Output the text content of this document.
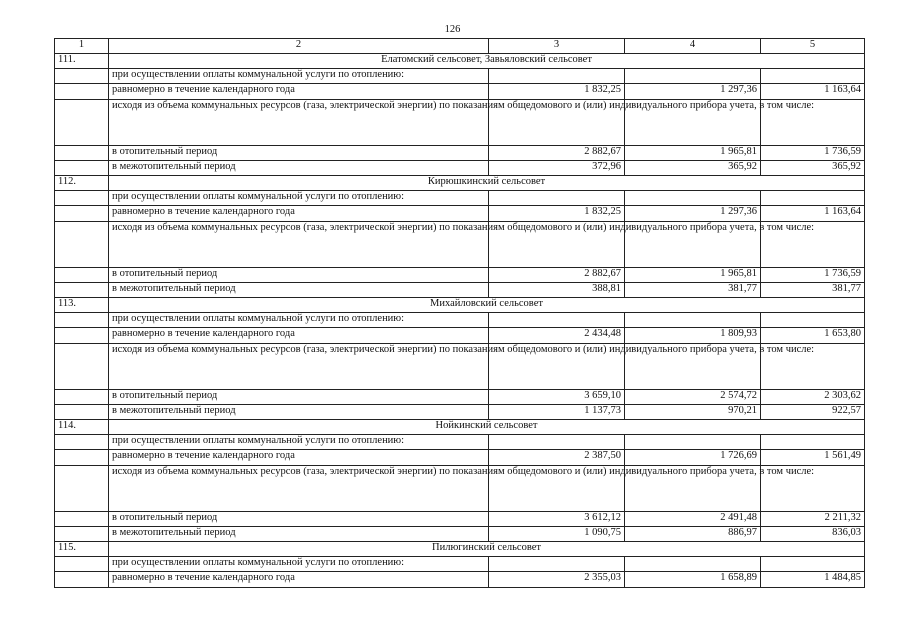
126
1	2	3	4	5
111.	Елатомский сельсовет, Завьяловский сельсовет			
	при осуществлении оплаты коммунальной услуги по отоплению:			
	равномерно в течение календарного года	1 832,25	1 297,36	1 163,64
	исходя из объема коммунальных ресурсов (газа, электрической энергии) по показаниям общедомового и (или) индивидуального прибора учета, в том числе:			
	в отопительный период	2 882,67	1 965,81	1 736,59
	в межотопительный период	372,96	365,92	365,92
112.	Кирюшкинский сельсовет			
	при осуществлении оплаты коммунальной услуги по отоплению:			
	равномерно в течение календарного года	1 832,25	1 297,36	1 163,64
	исходя из объема коммунальных ресурсов (газа, электрической энергии) по показаниям общедомового и (или) индивидуального прибора учета, в том числе:			
	в отопительный период	2 882,67	1 965,81	1 736,59
	в межотопительный период	388,81	381,77	381,77
113.	Михайловский сельсовет			
	при осуществлении оплаты коммунальной услуги по отоплению:			
	равномерно в течение календарного года	2 434,48	1 809,93	1 653,80
	исходя из объема коммунальных ресурсов (газа, электрической энергии) по показаниям общедомового и (или) индивидуального прибора учета, в том числе:			
	в отопительный период	3 659,10	2 574,72	2 303,62
	в межотопительный период	1 137,73	970,21	922,57
114.	Нойкинский сельсовет			
	при осуществлении оплаты коммунальной услуги по отоплению:			
	равномерно в течение календарного года	2 387,50	1 726,69	1 561,49
	исходя из объема коммунальных ресурсов (газа, электрической энергии) по показаниям общедомового и (или) индивидуального прибора учета, в том числе:			
	в отопительный период	3 612,12	2 491,48	2 211,32
	в межотопительный период	1 090,75	886,97	836,03
115.	Пилюгинский сельсовет			
	при осуществлении оплаты коммунальной услуги по отоплению:			
	равномерно в течение календарного года	2 355,03	1 658,89	1 484,85
